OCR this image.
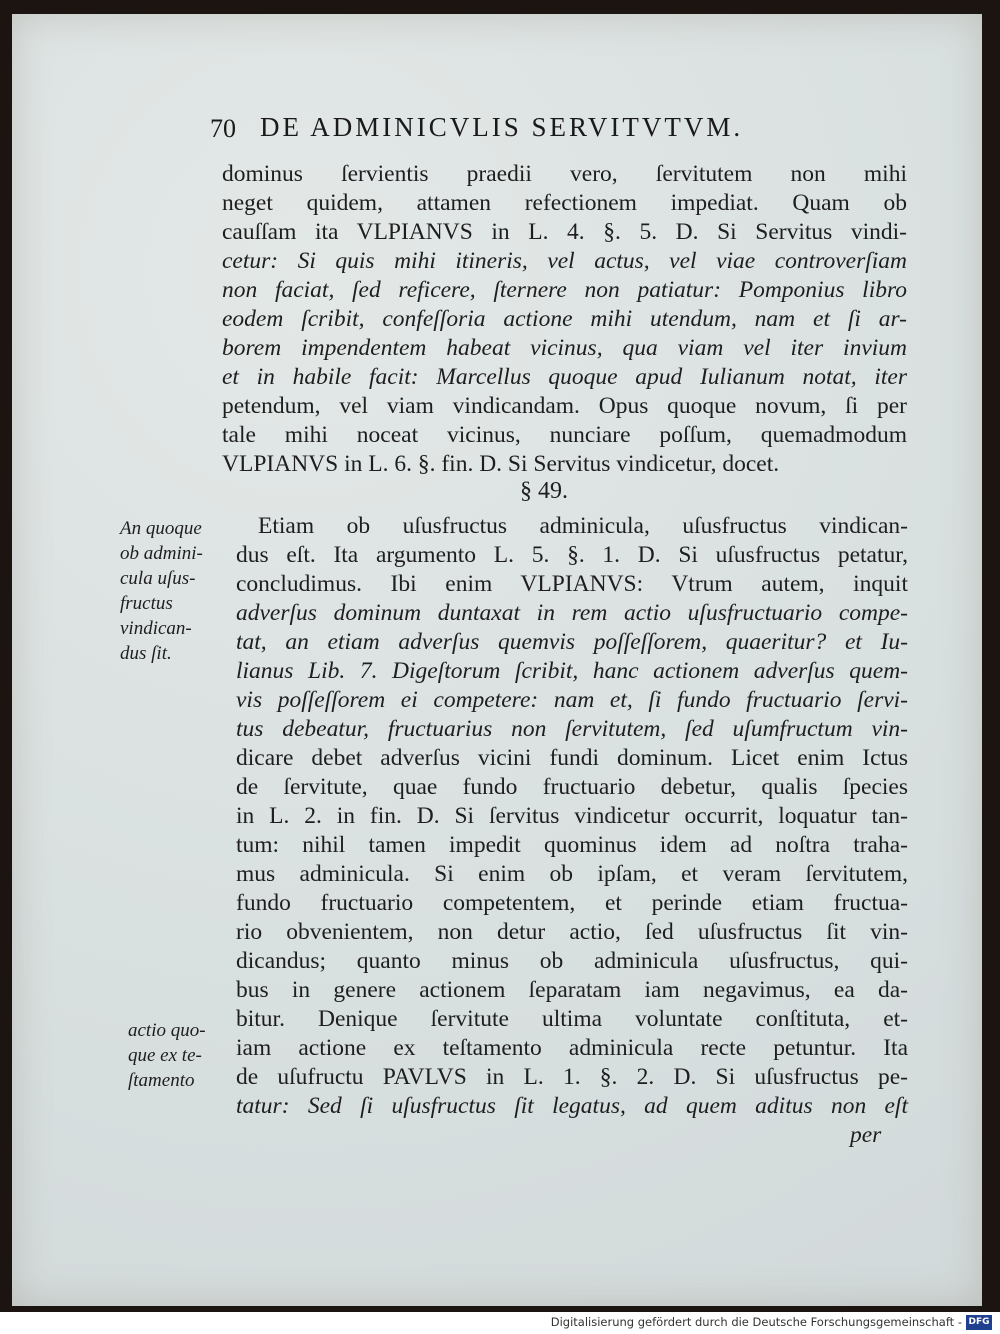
70 DE ADMINICVLIS SERVITVTVM.
dominus ſervientis praedii vero, ſervitutem non mihi
neget quidem, attamen refectionem impediat. Quam ob
cauſſam ita VLPIANVS in L. 4. §. 5. D. Si Servitus vindi-
cetur: Si quis mihi itineris, vel actus, vel viae controverſiam
non faciat, ſed reficere, ſternere non patiatur: Pomponius libro
eodem ſcribit, confeſſoria actione mihi utendum, nam et ſi ar-
borem impendentem habeat vicinus, qua viam vel iter invium
et in habile facit: Marcellus quoque apud Iulianum notat, iter
petendum, vel viam vindicandam. Opus quoque novum, ſi per
tale mihi noceat vicinus, nunciare poſſum, quemadmodum
VLPIANVS in L. 6. §. fin. D. Si Servitus vindicetur, docet.
§ 49.
Etiam ob uſusfructus adminicula, uſusfructus vindican-
dus eſt. Ita argumento L. 5. §. 1. D. Si uſusfructus petatur,
concludimus. Ibi enim VLPIANVS: Vtrum autem, inquit
adverſus dominum duntaxat in rem actio uſusfructuario compe-
tat, an etiam adverſus quemvis poſſeſſorem, quaeritur? et Iu-
lianus Lib. 7. Digeſtorum ſcribit, hanc actionem adverſus quem-
vis poſſeſſorem ei competere: nam et, ſi fundo fructuario ſervi-
tus debeatur, fructuarius non ſervitutem, ſed uſumfructum vin-
dicare debet adverſus vicini fundi dominum. Licet enim Ictus
de ſervitute, quae fundo fructuario debetur, qualis ſpecies
in L. 2. in fin. D. Si ſervitus vindicetur occurrit, loquatur tan-
tum: nihil tamen impedit quominus idem ad noſtra traha-
mus adminicula. Si enim ob ipſam, et veram ſervitutem,
fundo fructuario competentem, et perinde etiam fructua-
rio obvenientem, non detur actio, ſed uſusfructus ſit vin-
dicandus; quanto minus ob adminicula uſusfructus, qui-
bus in genere actionem ſeparatam iam negavimus, ea da-
bitur. Denique ſervitute ultima voluntate conſtituta, et-
iam actione ex teſtamento adminicula recte petuntur. Ita
de uſufructu PAVLVS in L. 1. §. 2. D. Si uſusfructus pe-
tatur: Sed ſi uſusfructus ſit legatus, ad quem aditus non eſt
per
An quoque
ob admini-
cula uſus-
fructus
vindican-
dus ſit.
actio quo-
que ex te-
ſtamento
Digitalisierung gefördert durch die Deutsche Forschungsgemeinschaft - DFG
